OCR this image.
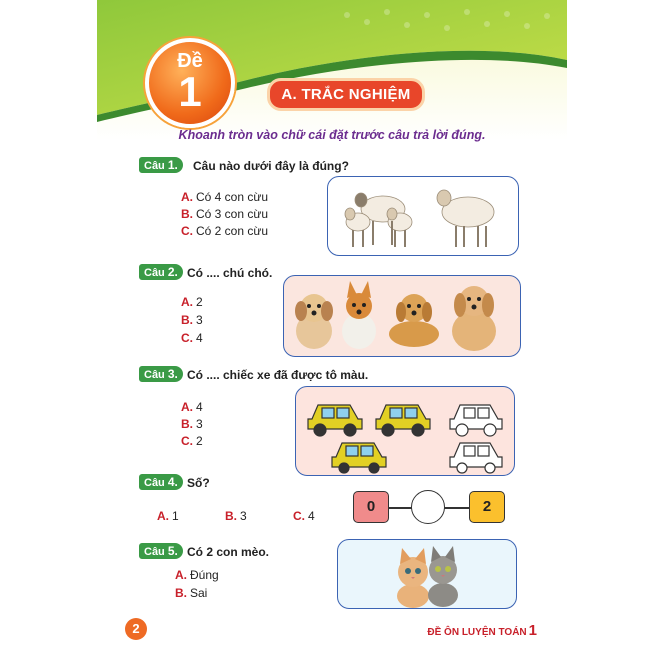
Đề
1	A. TRẮC NGHIỆM
Khoanh tròn vào chữ cái đặt trước câu trả lời đúng.
Câu 1.	Câu nào dưới đây là đúng?
A. Có 4 con cừu
B. Có 3 con cừu
C. Có 2 con cừu
Câu 2. Có .... chú chó.
A. 2
B. 3
C. 4
Câu 3. Có .... chiếc xe đã được tô màu.
A. 4
B. 3
C. 2
Câu 4. Số?
A. 1	B. 3	C. 4
0	2
Câu 5. Có 2 con mèo.
A. Đúng
B. Sai
2	ĐỀ ÔN LUYỆN TOÁN 1
